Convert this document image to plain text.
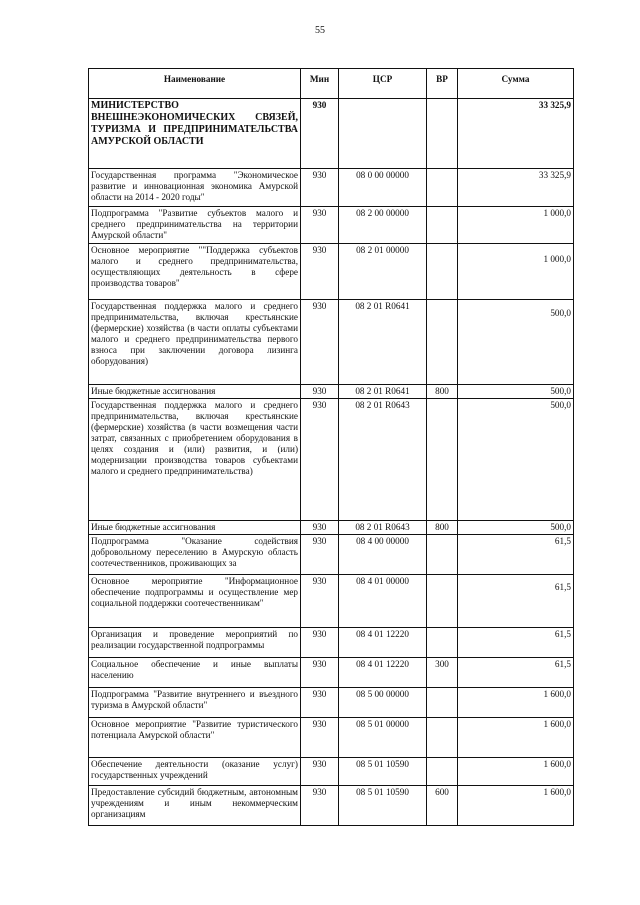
55
Наименование	Мин	ЦСР	ВР	Сумма
МИНИСТЕРСТВО ВНЕШНЕЭКОНОМИЧЕСКИХ СВЯЗЕЙ, ТУРИЗМА И ПРЕДПРИНИМАТЕЛЬСТВА АМУРСКОЙ ОБЛАСТИ	930			33 325,9
Государственная программа "Экономическое развитие и инновационная экономика Амурской области на 2014 - 2020 годы"	930	08 0 00 00000		33 325,9
Подпрограмма "Развитие субъектов малого и среднего предпринимательства на территории Амурской области"	930	08 2 00 00000		1 000,0
Основное мероприятие ""Поддержка субъектов малого и среднего предпринимательства, осуществляющих деятельность в сфере производства товаров"	930	08 2 01 00000		1 000,0
Государственная поддержка малого и среднего предпринимательства, включая крестьянские (фермерские) хозяйства (в части оплаты субъектами малого и среднего предпринимательства первого взноса при заключении договора лизинга оборудования)	930	08 2 01 R0641		500,0
Иные бюджетные ассигнования	930	08 2 01 R0641	800	500,0
Государственная поддержка малого и среднего предпринимательства, включая крестьянские (фермерские) хозяйства (в части возмещения части затрат, связанных с приобретением оборудования в целях создания и (или) развития, и (или) модернизации производства товаров субъектами малого и среднего предпринимательства)	930	08 2 01 R0643		500,0
Иные бюджетные ассигнования	930	08 2 01 R0643	800	500,0
Подпрограмма "Оказание содействия добровольному переселению в Амурскую область соотечественников, проживающих за	930	08 4 00 00000		61,5
Основное мероприятие "Информационное обеспечение подпрограммы и осуществление мер социальной поддержки соотечественникам"	930	08 4 01 00000		61,5
Организация и проведение мероприятий по реализации государственной подпрограммы	930	08 4 01 12220		61,5
Социальное обеспечение и иные выплаты населению	930	08 4 01 12220	300	61,5
Подпрограмма "Развитие внутреннего и въездного туризма в Амурской области"	930	08 5 00 00000		1 600,0
Основное мероприятие "Развитие туристического потенциала Амурской области"	930	08 5 01 00000		1 600,0
Обеспечение деятельности (оказание услуг) государственных учреждений	930	08 5 01 10590		1 600,0
Предоставление субсидий бюджетным, автономным учреждениям и иным некоммерческим организациям	930	08 5 01 10590	600	1 600,0
